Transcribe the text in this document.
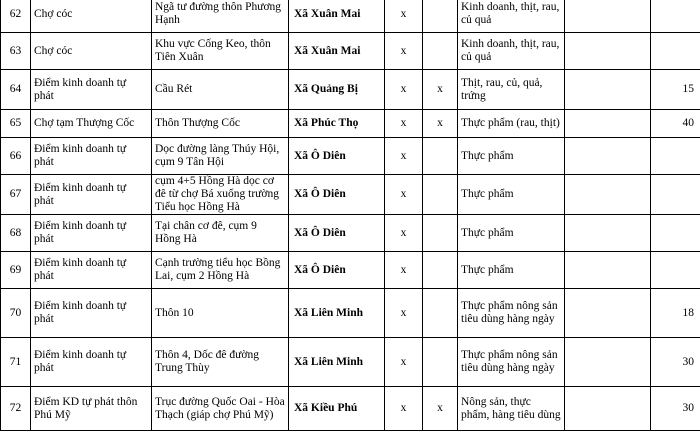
62	Chợ cóc	Ngã tư đường thôn Phương Hạnh	Xã Xuân Mai	x		Kinh doanh, thịt, rau, củ quả		
63	Chợ cóc	Khu vực Cống Keo, thôn Tiên Xuân	Xã Xuân Mai	x		Kinh doanh, thịt, rau, củ quả		
64	Điểm kinh doanh tự phát	Cầu Rét	Xã Quảng Bị	x	x	Thịt, rau, củ, quả, trứng		15
65	Chợ tạm Thượng Cốc	Thôn Thượng Cốc	Xã Phúc Thọ	x	x	Thực phẩm (rau, thịt)		40
66	Điểm kinh doanh tự phát	Dọc đường làng Thúy Hội, cụm 9 Tân Hội	Xã Ô Diên	x		Thực phẩm		
67	Điểm kinh doanh tự phát	cụm 4+5 Hồng Hà dọc cơ đê từ chợ Bá xuống trường Tiểu học Hồng Hà	Xã Ô Diên	x		Thực phẩm		
68	Điểm kinh doanh tự phát	Tại chân cơ đê, cụm 9 Hồng Hà	Xã Ô Diên	x		Thực phẩm		
69	Điểm kinh doanh tự phát	Cạnh trường tiểu học Bồng Lai, cụm 2 Hồng Hà	Xã Ô Diên	x		Thực phẩm		
70	Điểm kinh doanh tự phát	Thôn 10	Xã Liên Minh	x		Thực phẩm nông sản tiêu dùng hàng ngày		18
71	Điểm kinh doanh tự phát	Thôn 4, Dốc đê đường Trung Thùy	Xã Liên Minh	x		Thực phẩm nông sản tiêu dùng hàng ngày		30
72	Điểm KD tự phát thôn Phú Mỹ	Trục đường Quốc Oai - Hòa Thạch (giáp chợ Phú Mỹ)	Xã Kiều Phú	x	x	Nông sản, thực phẩm, hàng tiêu dùng		30
